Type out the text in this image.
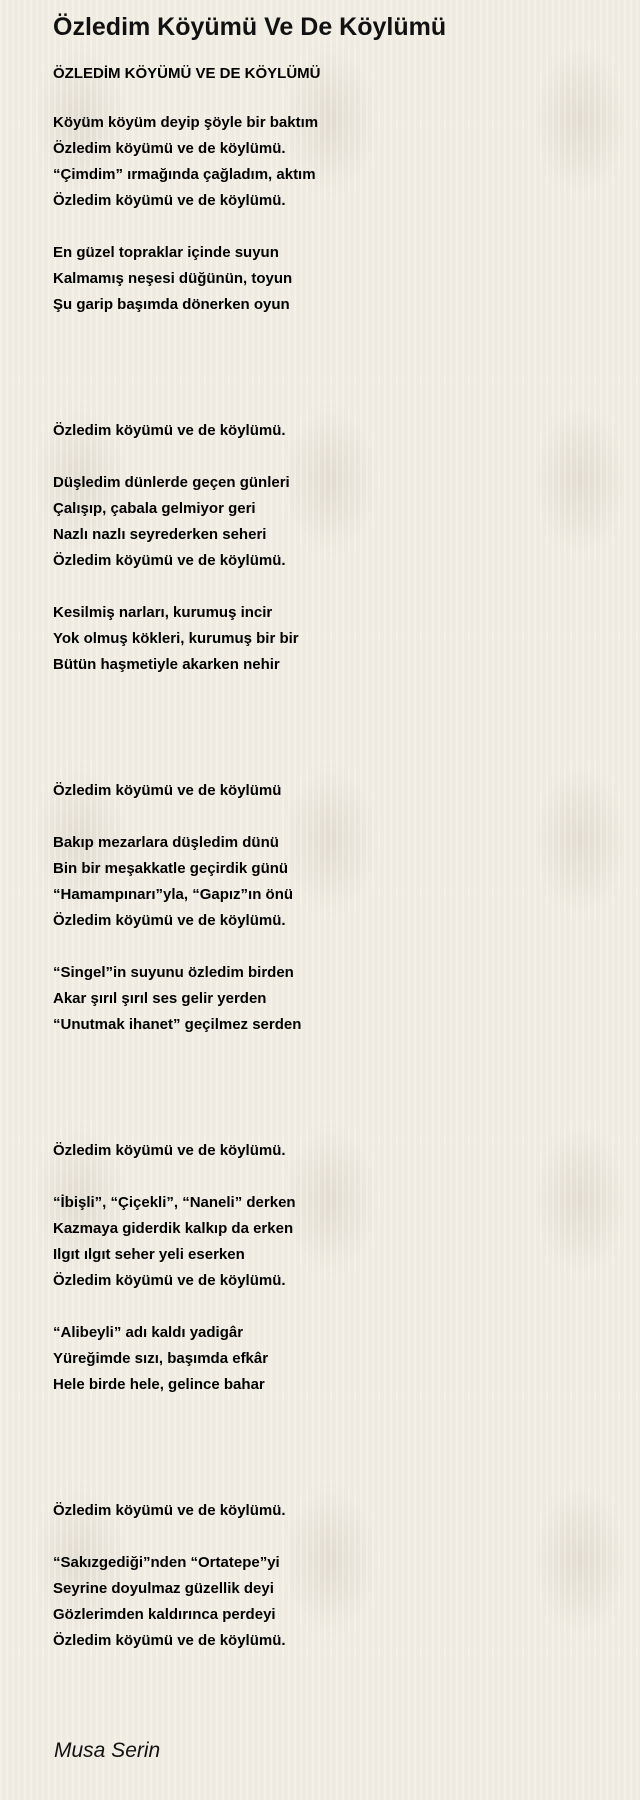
Özledim Köyümü Ve De Köylümü
ÖZLEDİM KÖYÜMÜ VE DE KÖYLÜMÜ
Köyüm köyüm deyip şöyle bir baktım
Özledim köyümü ve de köylümü.
“Çimdim” ırmağında çağladım, aktım
Özledim köyümü ve de köylümü.
En güzel topraklar içinde suyun
Kalmamış neşesi düğünün, toyun
Şu garip başımda dönerken oyun
Özledim köyümü ve de köylümü.
Düşledim dünlerde geçen günleri
Çalışıp, çabala gelmiyor geri
Nazlı nazlı seyrederken seheri
Özledim köyümü ve de köylümü.
Kesilmiş narları, kurumuş incir
Yok olmuş kökleri, kurumuş bir bir
Bütün haşmetiyle akarken nehir
Özledim köyümü ve de köylümü
Bakıp mezarlara düşledim dünü
Bin bir meşakkatle geçirdik günü
“Hamampınarı”yla, “Gapız”ın önü
Özledim köyümü ve de köylümü.
“Singel”in suyunu özledim birden
Akar şırıl şırıl ses gelir yerden
“Unutmak ihanet” geçilmez serden
Özledim köyümü ve de köylümü.
“İbişli”, “Çiçekli”, “Naneli” derken
Kazmaya giderdik kalkıp da erken
Ilgıt ılgıt seher yeli eserken
Özledim köyümü ve de köylümü.
“Alibeyli” adı kaldı yadigâr
Yüreğimde sızı, başımda efkâr
Hele birde hele, gelince bahar
Özledim köyümü ve de köylümü.
“Sakızgediği”nden “Ortatepe”yi
Seyrine doyulmaz güzellik deyi
Gözlerimden kaldırınca perdeyi
Özledim köyümü ve de köylümü.
Musa Serin
